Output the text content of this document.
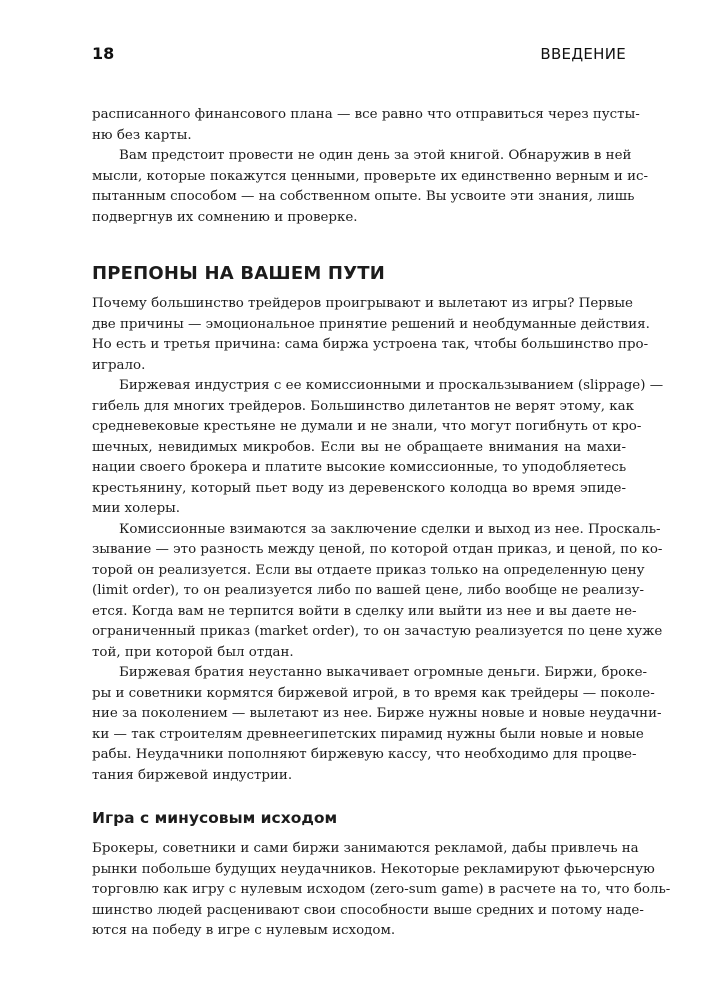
18	ВВЕДЕНИЕ

расписанного финансового плана — все равно что отправиться через пусты-
ню без карты.

Вам предстоит провести не один день за этой книгой. Обнаружив в ней
мысли, которые покажутся ценными, проверьте их единственно верным и ис-
пытанным способом — на собственном опыте. Вы усвоите эти знания, лишь
подвергнув их сомнению и проверке.

ПРЕПОНЫ НА ВАШЕМ ПУТИ

Почему большинство трейдеров проигрывают и вылетают из игры? Первые
две причины — эмоциональное принятие решений и необдуманные действия.
Но есть и третья причина: сама биржа устроена так, чтобы большинство про-
играло.

Биржевая индустрия с ее комиссионными и проскальзыванием (slippage) —
гибель для многих трейдеров. Большинство дилетантов не верят этому, как
средневековые крестьяне не думали и не знали, что могут погибнуть от кро-
шечных, невидимых микробов. Если вы не обращаете внимания на махи-
нации своего брокера и платите высокие комиссионные, то уподобляетесь
крестьянину, который пьет воду из деревенского колодца во время эпиде-
мии холеры.

Комиссионные взимаются за заключение сделки и выход из нее. Проскаль-
зывание — это разность между ценой, по которой отдан приказ, и ценой, по ко-
торой он реализуется. Если вы отдаете приказ только на определенную цену
(limit order), то он реализуется либо по вашей цене, либо вообще не реализу-
ется. Когда вам не терпится войти в сделку или выйти из нее и вы даете не-
ограниченный приказ (market order), то он зачастую реализуется по цене хуже
той, при которой был отдан.

Биржевая братия неустанно выкачивает огромные деньги. Биржи, броке-
ры и советники кормятся биржевой игрой, в то время как трейдеры — поколе-
ние за поколением — вылетают из нее. Бирже нужны новые и новые неудачни-
ки — так строителям древнеегипетских пирамид нужны были новые и новые
рабы. Неудачники пополняют биржевую кассу, что необходимо для процве-
тания биржевой индустрии.

Игра с минусовым исходом

Брокеры, советники и сами биржи занимаются рекламой, дабы привлечь на
рынки побольше будущих неудачников. Некоторые рекламируют фьючерсную
торговлю как игру с нулевым исходом (zero-sum game) в расчете на то, что боль-
шинство людей расценивают свои способности выше средних и потому наде-
ются на победу в игре с нулевым исходом.
